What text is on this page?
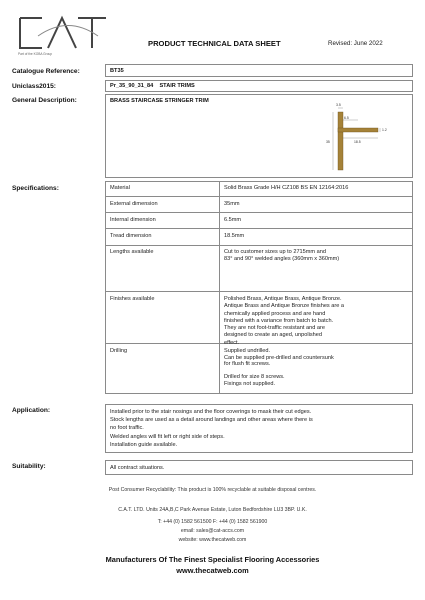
Part of the KOBA Group
PRODUCT TECHNICAL DATA SHEET	Revised: June 2022
Catalogue Reference:	BT35
Uniclass2015:	Pr_35_90_31_84    STAIR TRIMS
General Description:	BRASS STAIRCASE STRINGER TRIM
3.5
6.5
1.2
18.5
35
Specifications:	Material	Solid Brass Grade H/H CZ108 BS EN 12164:2016
External dimension	35mm
Internal dimension	6.5mm
Tread dimension	18.5mm
Lengths available	Cut to customer sizes up to 2715mm and
83° and 90° welded angles (360mm x 360mm)
Finishes available	Polished Brass, Antique Brass, Antique Bronze.
Antique Brass and Antique Bronze finishes are a
chemically applied process and are hand
finished with a variance from batch to batch.
They are not foot-traffic resistant and are
designed to create an aged, unpolished
effect.
Drilling	Supplied undrilled.
Can be supplied pre-drilled and countersunk
for flush fit screws.
Drilled for size 8 screws.
Fixings not supplied.
Application:	Installed prior to the stair nosings and the floor coverings to mask their cut edges.
Stock lengths are used as a detail around landings and other areas where there is
no foot traffic.
Welded angles will fit left or right side of steps.
Installation guide available.
Suitability:	All contract situations.
Post Consumer Recyclability: This product is 100% recyclable at suitable disposal centres.
C.A.T. LTD. Units 24A,B,C Park Avenue Estate, Luton Bedfordshire LU3 3BP. U.K.
T: +44 (0) 1582 561500 F: +44 (0) 1582 561900
email: sales@cat-accs.com
website: www.thecatweb.com
Manufacturers Of The Finest Specialist Flooring Accessories
www.thecatweb.com
